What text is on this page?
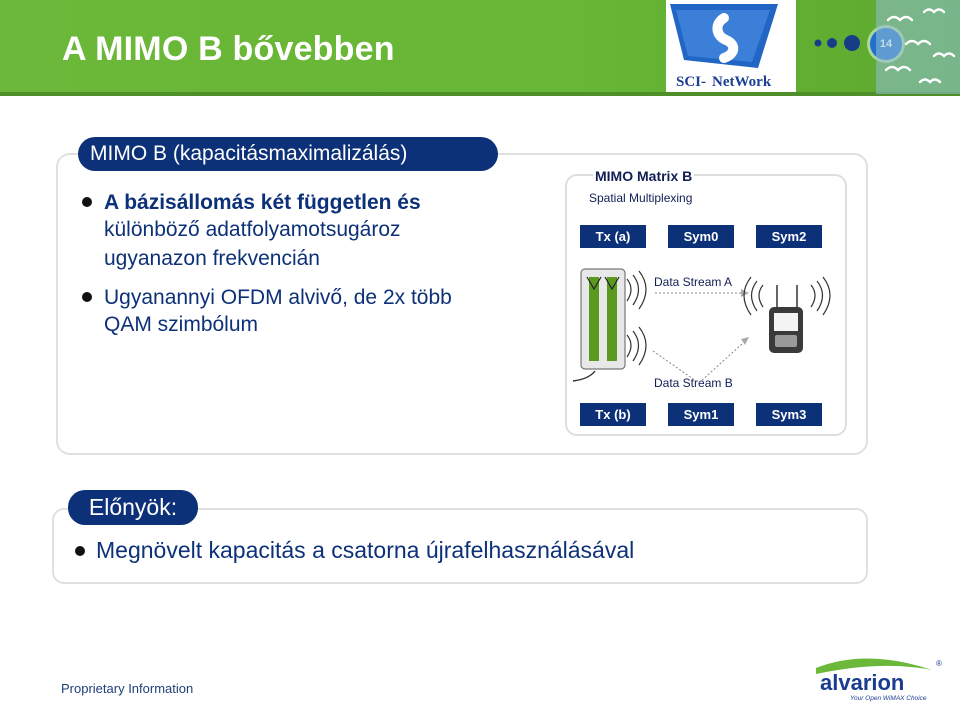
A MIMO B bővebben
SCI- NetWork
MIMO B (kapacitásmaximalizálás)
A bázisállomás két független és
különböző adatfolyamotsugároz
ugyanazon frekvencián
Ugyanannyi OFDM alvivő, de 2x több
QAM szimbólum
MIMO Matrix B
Spatial Multiplexing
Tx (a)	Sym0	Sym2
Tx (b)	Sym1	Sym3
Data Stream A
Data Stream B
Előnyök:
Megnövelt kapacitás a csatorna újrafelhasználásával
Proprietary Information	alvarion
®
Your Open WiMAX Choice
